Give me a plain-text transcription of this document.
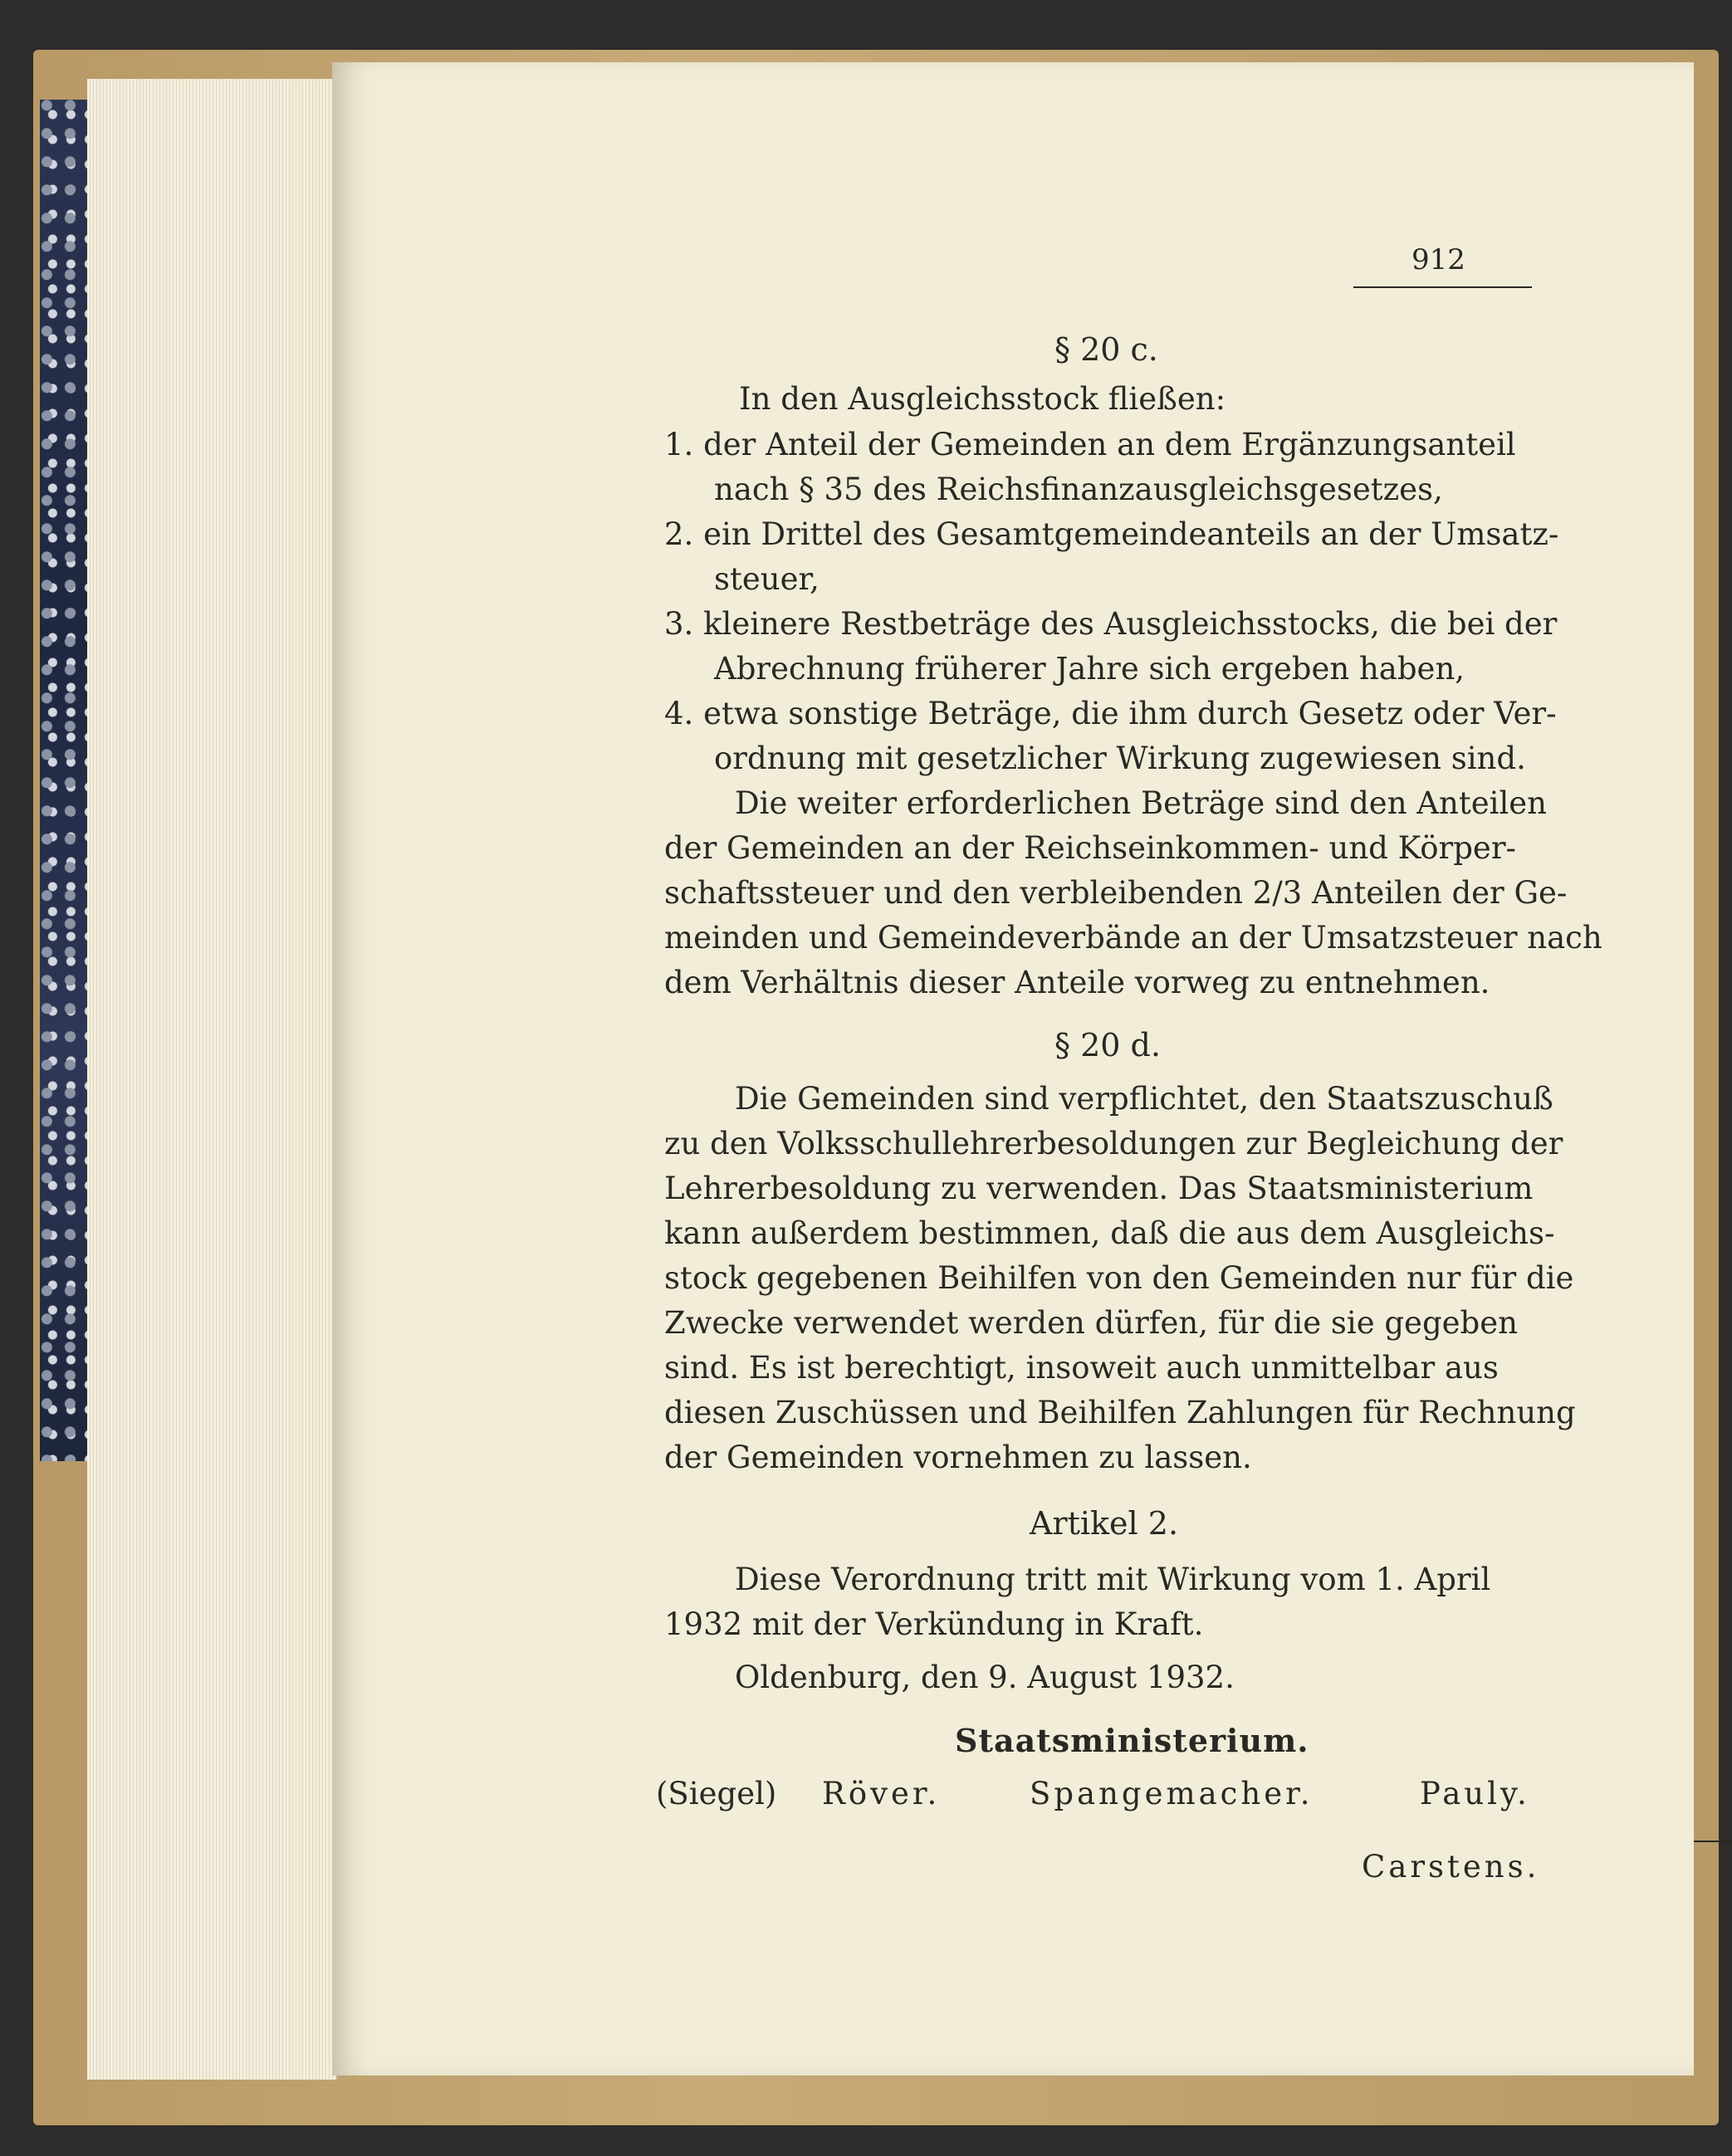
912
§ 20 c.
In den Ausgleichsstock fließen:
1. der Anteil der Gemeinden an dem Ergänzungsanteil
nach § 35 des Reichsfinanzausgleichsgesetzes,
2. ein Drittel des Gesamtgemeindeanteils an der Umsatz-
steuer,
3. kleinere Restbeträge des Ausgleichsstocks, die bei der
Abrechnung früherer Jahre sich ergeben haben,
4. etwa sonstige Beträge, die ihm durch Gesetz oder Ver-
ordnung mit gesetzlicher Wirkung zugewiesen sind.
Die weiter erforderlichen Beträge sind den Anteilen
der Gemeinden an der Reichseinkommen- und Körper-
schaftssteuer und den verbleibenden 2/3 Anteilen der Ge-
meinden und Gemeindeverbände an der Umsatzsteuer nach
dem Verhältnis dieser Anteile vorweg zu entnehmen.
§ 20 d.
Die Gemeinden sind verpflichtet, den Staatszuschuß
zu den Volksschullehrerbesoldungen zur Begleichung der
Lehrerbesoldung zu verwenden. Das Staatsministerium
kann außerdem bestimmen, daß die aus dem Ausgleichs-
stock gegebenen Beihilfen von den Gemeinden nur für die
Zwecke verwendet werden dürfen, für die sie gegeben
sind. Es ist berechtigt, insoweit auch unmittelbar aus
diesen Zuschüssen und Beihilfen Zahlungen für Rechnung
der Gemeinden vornehmen zu lassen.
Artikel 2.
Diese Verordnung tritt mit Wirkung vom 1. April
1932 mit der Verkündung in Kraft.
Oldenburg, den 9. August 1932.
Staatsministerium.
(Siegel) Röver.	Spangemacher.	Pauly.
Carstens.
